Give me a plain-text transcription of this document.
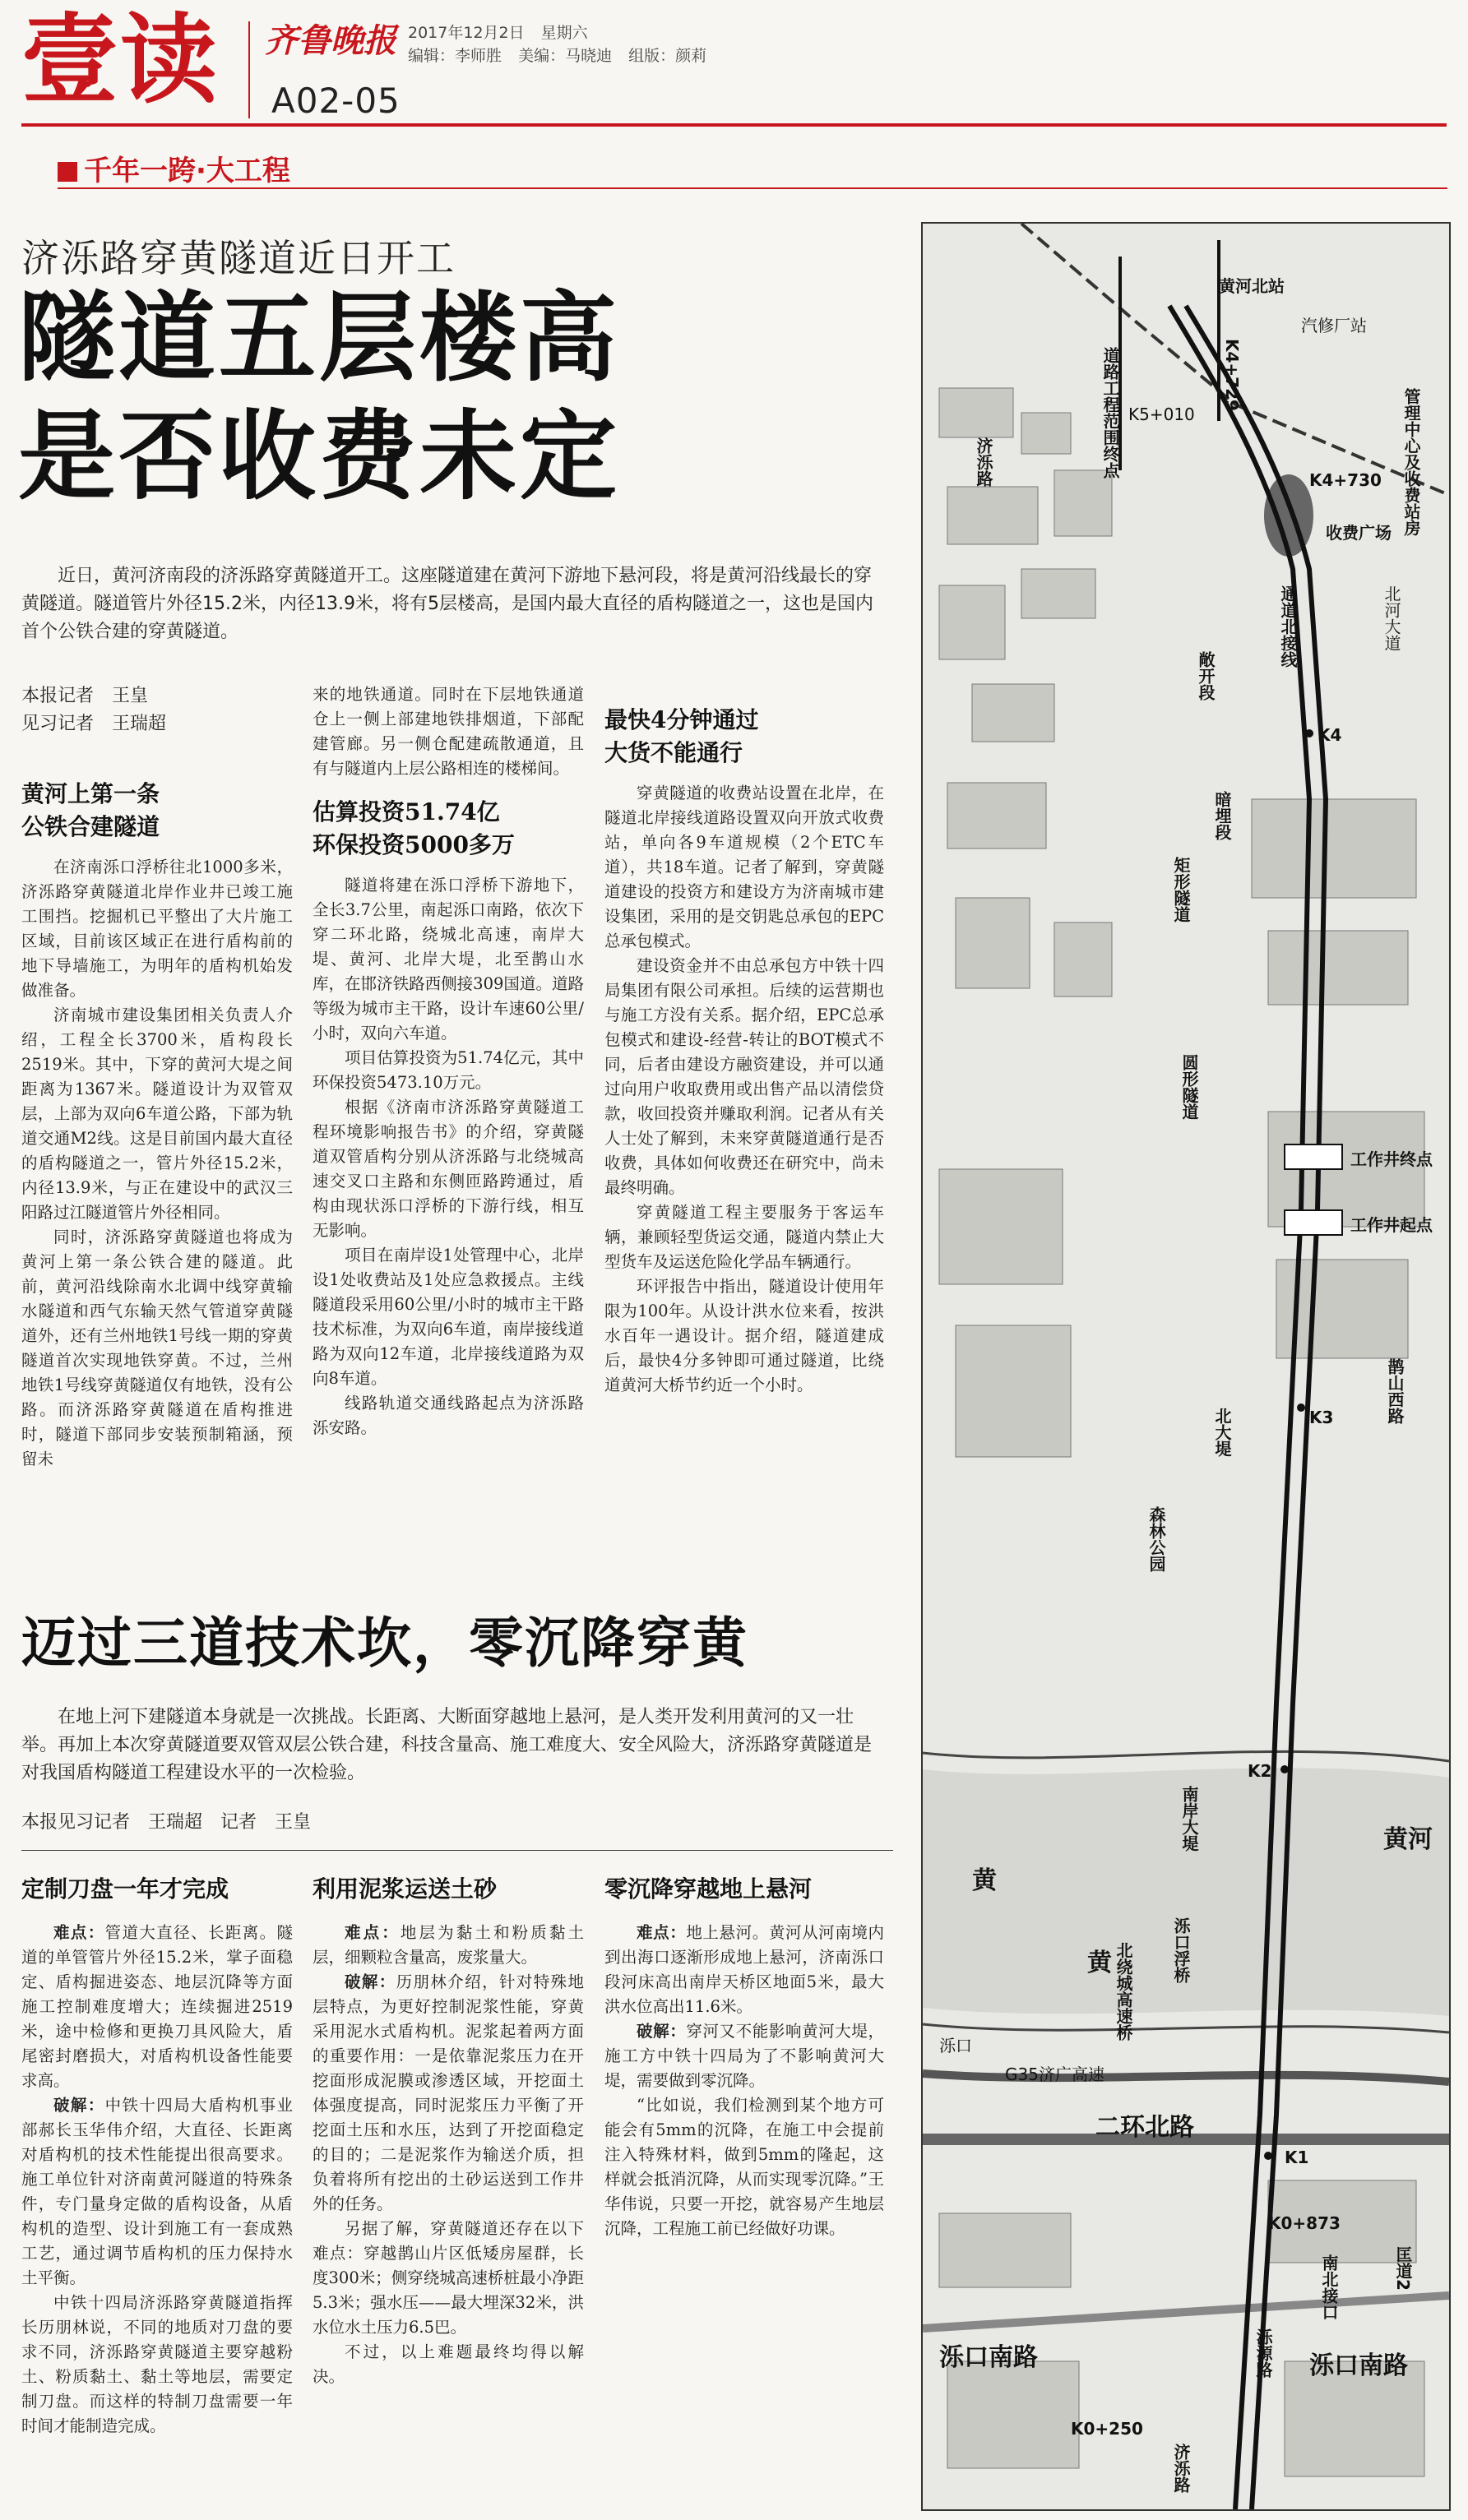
壹读 齐鲁晚报 2017年12月2日 星期六
编辑：李师胜 美编：马晓迪 组版：颜莉
A02-05
千年一跨·大工程
济泺路穿黄隧道近日开工
隧道五层楼高
是否收费未定
近日，黄河济南段的济泺路穿黄隧道开工。这座隧道建在黄河下游地下悬河段，将是黄河沿线最长的穿黄隧道。隧道管片外径15.2米，内径13.9米，将有5层楼高，是国内最大直径的盾构隧道之一，这也是国内首个公铁合建的穿黄隧道。
本报记者　王皇
见习记者　王瑞超
黄河上第一条
公铁合建隧道

在济南泺口浮桥往北1000多米，济泺路穿黄隧道北岸作业井已竣工施工围挡。挖掘机已平整出了大片施工区域，目前该区域正在进行盾构前的地下导墙施工，为明年的盾构机始发做准备。

济南城市建设集团相关负责人介绍，工程全长3700米，盾构段长2519米。其中，下穿的黄河大堤之间距离为1367米。隧道设计为双管双层，上部为双向6车道公路，下部为轨道交通M2线。这是目前国内最大直径的盾构隧道之一，管片外径15.2米，内径13.9米，与正在建设中的武汉三阳路过江隧道管片外径相同。

同时，济泺路穿黄隧道也将成为黄河上第一条公铁合建的隧道。此前，黄河沿线除南水北调中线穿黄输水隧道和西气东输天然气管道穿黄隧道外，还有兰州地铁1号线一期的穿黄隧道首次实现地铁穿黄。不过，兰州地铁1号线穿黄隧道仅有地铁，没有公路。而济泺路穿黄隧道在盾构推进时，隧道下部同步安装预制箱涵，预留未

来的地铁通道。同时在下层地铁通道仓上一侧上部建地铁排烟道，下部配建管廊。另一侧仓配建疏散通道，且有与隧道内上层公路相连的楼梯间。

估算投资51.74亿
环保投资5000多万

隧道将建在泺口浮桥下游地下，全长3.7公里，南起泺口南路，依次下穿二环北路，绕城北高速，南岸大堤、黄河、北岸大堤，北至鹊山水库，在邯济铁路西侧接309国道。道路等级为城市主干路，设计车速60公里/小时，双向六车道。

项目估算投资为51.74亿元，其中环保投资5473.10万元。

根据《济南市济泺路穿黄隧道工程环境影响报告书》的介绍，穿黄隧道双管盾构分别从济泺路与北绕城高速交叉口主路和东侧匝路跨通过，盾构由现状泺口浮桥的下游行线，相互无影响。

项目在南岸设1处管理中心，北岸设1处收费站及1处应急救援点。主线隧道段采用60公里/小时的城市主干路技术标准，为双向6车道，南岸接线道路为双向12车道，北岸接线道路为双向8车道。

线路轨道交通线路起点为济泺路泺安路。

最快4分钟通过
大货不能通行

穿黄隧道的收费站设置在北岸，在隧道北岸接线道路设置双向开放式收费站，单向各9车道规模（2个ETC车道），共18车道。记者了解到，穿黄隧道建设的投资方和建设方为济南城市建设集团，采用的是交钥匙总承包的EPC总承包模式。

建设资金并不由总承包方中铁十四局集团有限公司承担。后续的运营期也与施工方没有关系。据介绍，EPC总承包模式和建设-经营-转让的BOT模式不同，后者由建设方融资建设，并可以通过向用户收取费用或出售产品以清偿贷款，收回投资并赚取利润。记者从有关人士处了解到，未来穿黄隧道通行是否收费，具体如何收费还在研究中，尚未最终明确。

穿黄隧道工程主要服务于客运车辆，兼顾轻型货运交通，隧道内禁止大型货车及运送危险化学品车辆通行。

环评报告中指出，隧道设计使用年限为100年。从设计洪水位来看，按洪水百年一遇设计。据介绍，隧道建成后，最快4分多钟即可通过隧道，比绕道黄河大桥节约近一个小时。

迈过三道技术坎，零沉降穿黄
在地上河下建隧道本身就是一次挑战。长距离、大断面穿越地上悬河，是人类开发利用黄河的又一壮举。再加上本次穿黄隧道要双管双层公铁合建，科技含量高、施工难度大、安全风险大，济泺路穿黄隧道是对我国盾构隧道工程建设水平的一次检验。
本报见习记者　王瑞超　记者　王皇
定制刀盘一年才完成

难点：管道大直径、长距离。隧道的单管管片外径15.2米，掌子面稳定、盾构掘进姿态、地层沉降等方面施工控制难度增大；连续掘进2519米，途中检修和更换刀具风险大，盾尾密封磨损大，对盾构机设备性能要求高。

破解：中铁十四局大盾构机事业部郝长玉华伟介绍，大直径、长距离对盾构机的技术性能提出很高要求。施工单位针对济南黄河隧道的特殊条件，专门量身定做的盾构设备，从盾构机的造型、设计到施工有一套成熟工艺，通过调节盾构机的压力保持水土平衡。

中铁十四局济泺路穿黄隧道指挥长历朋林说，不同的地质对刀盘的要求不同，济泺路穿黄隧道主要穿越粉土、粉质黏土、黏土等地层，需要定制刀盘。而这样的特制刀盘需要一年时间才能制造完成。

利用泥浆运送土砂

难点：地层为黏土和粉质黏土层，细颗粒含量高，废浆量大。

破解：历朋林介绍，针对特殊地层特点，为更好控制泥浆性能，穿黄采用泥水式盾构机。泥浆起着两方面的重要作用：一是依靠泥浆压力在开挖面形成泥膜或渗透区域，开挖面土体强度提高，同时泥浆压力平衡了开挖面土压和水压，达到了开挖面稳定的目的；二是泥浆作为输送介质，担负着将所有挖出的土砂运送到工作井外的任务。

另据了解，穿黄隧道还存在以下难点：穿越鹊山片区低矮房屋群，长度300米；侧穿绕城高速桥桩最小净距5.3米；强水压——最大埋深32米，洪水位水土压力6.5巴。

不过，以上难题最终均得以解决。

零沉降穿越地上悬河

难点：地上悬河。黄河从河南境内到出海口逐渐形成地上悬河，济南泺口段河床高出南岸天桥区地面5米，最大洪水位高出11.6米。

破解：穿河又不能影响黄河大堤，施工方中铁十四局为了不影响黄河大堤，需要做到零沉降。

“比如说，我们检测到某个地方可能会有5mm的沉降，在施工中会提前注入特殊材料，做到5mm的隆起，这样就会抵消沉降，从而实现零沉降。”王华伟说，只要一开挖，就容易产生地层沉降，工程施工前已经做好功课。

黄河北站
汽修厂站
K4+729
K4+730
道路工程范围终点 K5+010
收费广场 管理中心及收费站房
济泺路
通道北接线	北河大道
K4
敞开段
暗埋段
矩形隧道
圆形隧道
工作井终点
工作井起点
K3
北大堤
鹊山西路
森林公园
K2
南岸大堤
黄
黄
黄河
泺口浮桥
北绕城高速桥
泺口
G35济广高速
二环北路
K1
K0+873
南北接口
泺口南路	泺口南路
泺源路
匡道2
K0+250
济泺路
